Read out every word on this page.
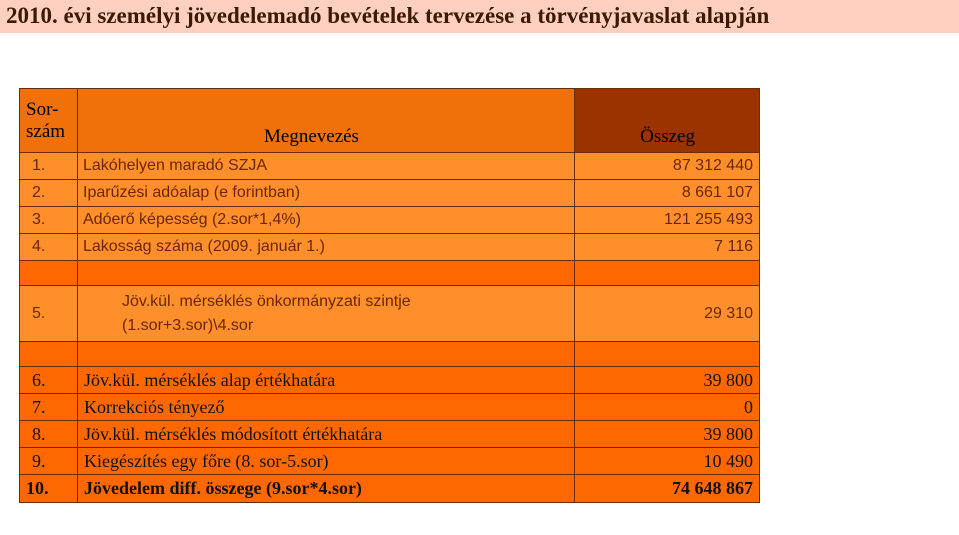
2010. évi személyi jövedelemadó bevételek tervezése a törvényjavaslat alapján
Sor-
szám	Megnevezés	Összeg
1.	Lakóhelyen maradó SZJA	87 312 440
2.	Iparűzési adóalap (e forintban)	8 661 107
3.	Adóerő képesség (2.sor*1,4%)	121 255 493
4.	Lakosság száma (2009. január 1.)	7 116

5.	Jöv.kül. mérséklés önkormányzati szintje
(1.sor+3.sor)\4.sor	29 310

6.	Jöv.kül. mérséklés alap értékhatára	39 800
7.	Korrekciós tényező	0
8.	Jöv.kül. mérséklés módosított értékhatára	39 800
9.	Kiegészítés egy főre (8. sor-5.sor)	10 490
10.	Jövedelem diff. összege (9.sor*4.sor)	74 648 867
